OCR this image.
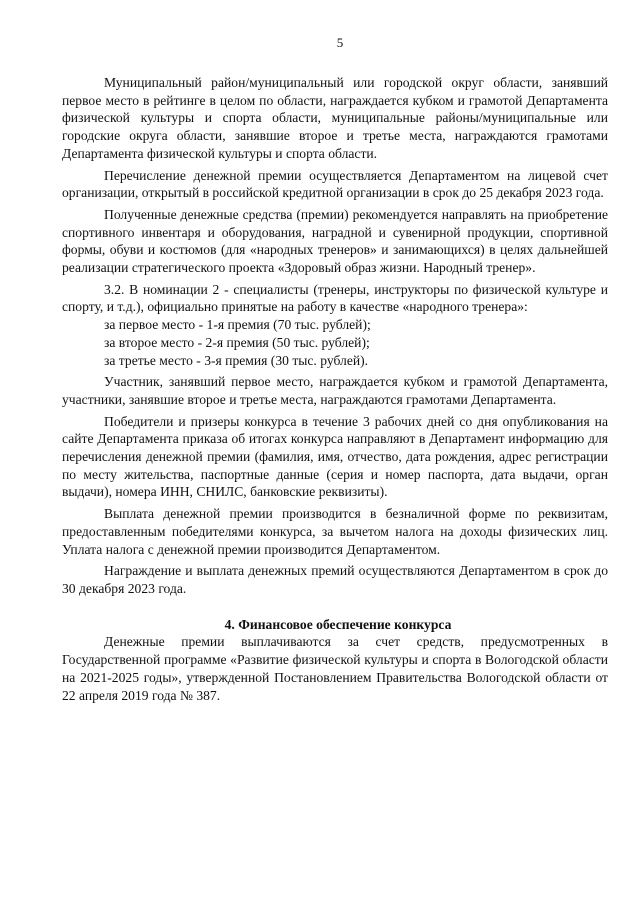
5

Муниципальный район/муниципальный или городской округ области, занявший первое место в рейтинге в целом по области, награждается кубком и грамотой Департамента физической культуры и спорта области, муниципальные районы/муниципальные или городские округа области, занявшие второе и третье места, награждаются грамотами Департамента физической культуры и спорта области.

Перечисление денежной премии осуществляется Департаментом на лицевой счет организации, открытый в российской кредитной организации в срок до 25 декабря 2023 года.

Полученные денежные средства (премии) рекомендуется направлять на приобретение спортивного инвентаря и оборудования, наградной и сувенирной продукции, спортивной формы, обуви и костюмов (для «народных тренеров» и занимающихся) в целях дальнейшей реализации стратегического проекта «Здоровый образ жизни. Народный тренер».

3.2. В номинации 2 - специалисты (тренеры, инструкторы по физической культуре и спорту, и т.д.), официально принятые на работу в качестве «народного тренера»:

за первое место - 1-я премия (70 тыс. рублей);

за второе место - 2-я премия (50 тыс. рублей);

за третье место - 3-я премия (30 тыс. рублей).

Участник, занявший первое место, награждается кубком и грамотой Департамента, участники, занявшие второе и третье места, награждаются грамотами Департамента.

Победители и призеры конкурса в течение 3 рабочих дней со дня опубликования на сайте Департамента приказа об итогах конкурса направляют в Департамент информацию для перечисления денежной премии (фамилия, имя, отчество, дата рождения, адрес регистрации по месту жительства, паспортные данные (серия и номер паспорта, дата выдачи, орган выдачи), номера ИНН, СНИЛС, банковские реквизиты).

Выплата денежной премии производится в безналичной форме по реквизитам, предоставленным победителями конкурса, за вычетом налога на доходы физических лиц. Уплата налога с денежной премии производится Департаментом.

Награждение и выплата денежных премий осуществляются Департаментом в срок до 30 декабря 2023 года.

4. Финансовое обеспечение конкурса

Денежные премии выплачиваются за счет средств, предусмотренных в Государственной программе «Развитие физической культуры и спорта в Вологодской области на 2021-2025 годы», утвержденной Постановлением Правительства Вологодской области от 22 апреля 2019 года № 387.
